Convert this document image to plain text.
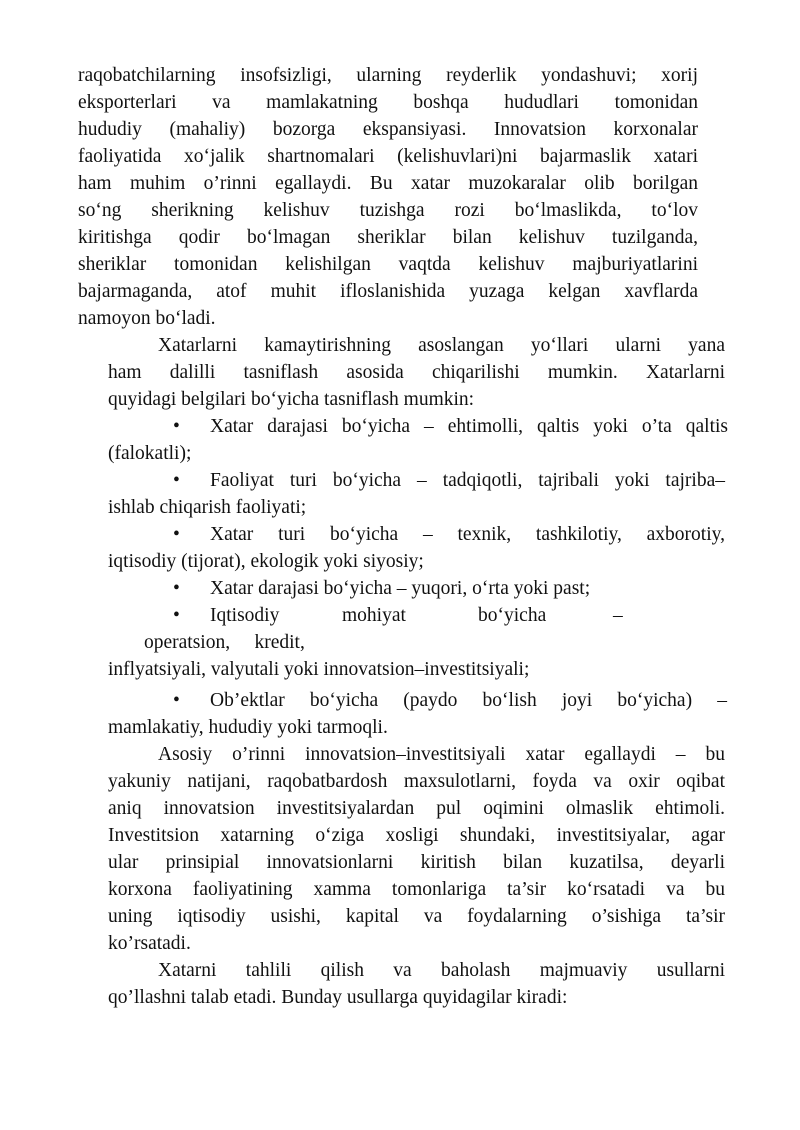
raqobatchilarning insofsizligi, ularning reyderlik yondashuvi; xorij
eksporterlari va mamlakatning boshqa hududlari tomonidan
hududiy (mahaliy) bozorga ekspansiyasi. Innovatsion korxonalar
faoliyatida xo‘jalik shartnomalari (kelishuvlari)ni bajarmaslik xatari
ham muhim o’rinni egallaydi. Bu xatar muzokaralar olib borilgan
so‘ng sherikning kelishuv tuzishga rozi bo‘lmaslikda, to‘lov
kiritishga qodir bo‘lmagan sheriklar bilan kelishuv tuzilganda,
sheriklar tomonidan kelishilgan vaqtda kelishuv majburiyatlarini
bajarmaganda, atof muhit ifloslanishida yuzaga kelgan xavflarda
namoyon bo‘ladi.
Xatarlarni kamaytirishning asoslangan yo‘llari ularni yana
ham dalilli tasniflash asosida chiqarilishi mumkin. Xatarlarni
quyidagi belgilari bo‘yicha tasniflash mumkin:
• Xatar darajasi bo‘yicha – ehtimolli, qaltis yoki o’ta qaltis
(falokatli);
• Faoliyat turi bo‘yicha – tadqiqotli, tajribali yoki tajriba–
ishlab chiqarish faoliyati;
• Xatar turi bo‘yicha – texnik, tashkilotiy, axborotiy,
iqtisodiy (tijorat), ekologik yoki siyosiy;
• Xatar darajasi bo‘yicha – yuqori, o‘rta yoki past;
• Iqtisodiy	mohiyat	bo‘yicha	–
operatsion,     kredit,
inflyatsiyali, valyutali yoki innovatsion–investitsiyali;
• Ob’ektlar bo‘yicha (paydo bo‘lish joyi bo‘yicha) –
mamlakatiy, hududiy yoki tarmoqli.
Asosiy o’rinni innovatsion–investitsiyali xatar egallaydi – bu
yakuniy natijani, raqobatbardosh maxsulotlarni, foyda va oxir oqibat
aniq innovatsion investitsiyalardan pul oqimini olmaslik ehtimoli.
Investitsion xatarning o‘ziga xosligi shundaki, investitsiyalar, agar
ular prinsipial innovatsionlarni kiritish bilan kuzatilsa, deyarli
korxona faoliyatining xamma tomonlariga ta’sir ko‘rsatadi va bu
uning iqtisodiy usishi, kapital va foydalarning o’sishiga ta’sir
ko’rsatadi.
Xatarni tahlili qilish va baholash majmuaviy usullarni
qo’llashni talab etadi. Bunday usullarga quyidagilar kiradi:
